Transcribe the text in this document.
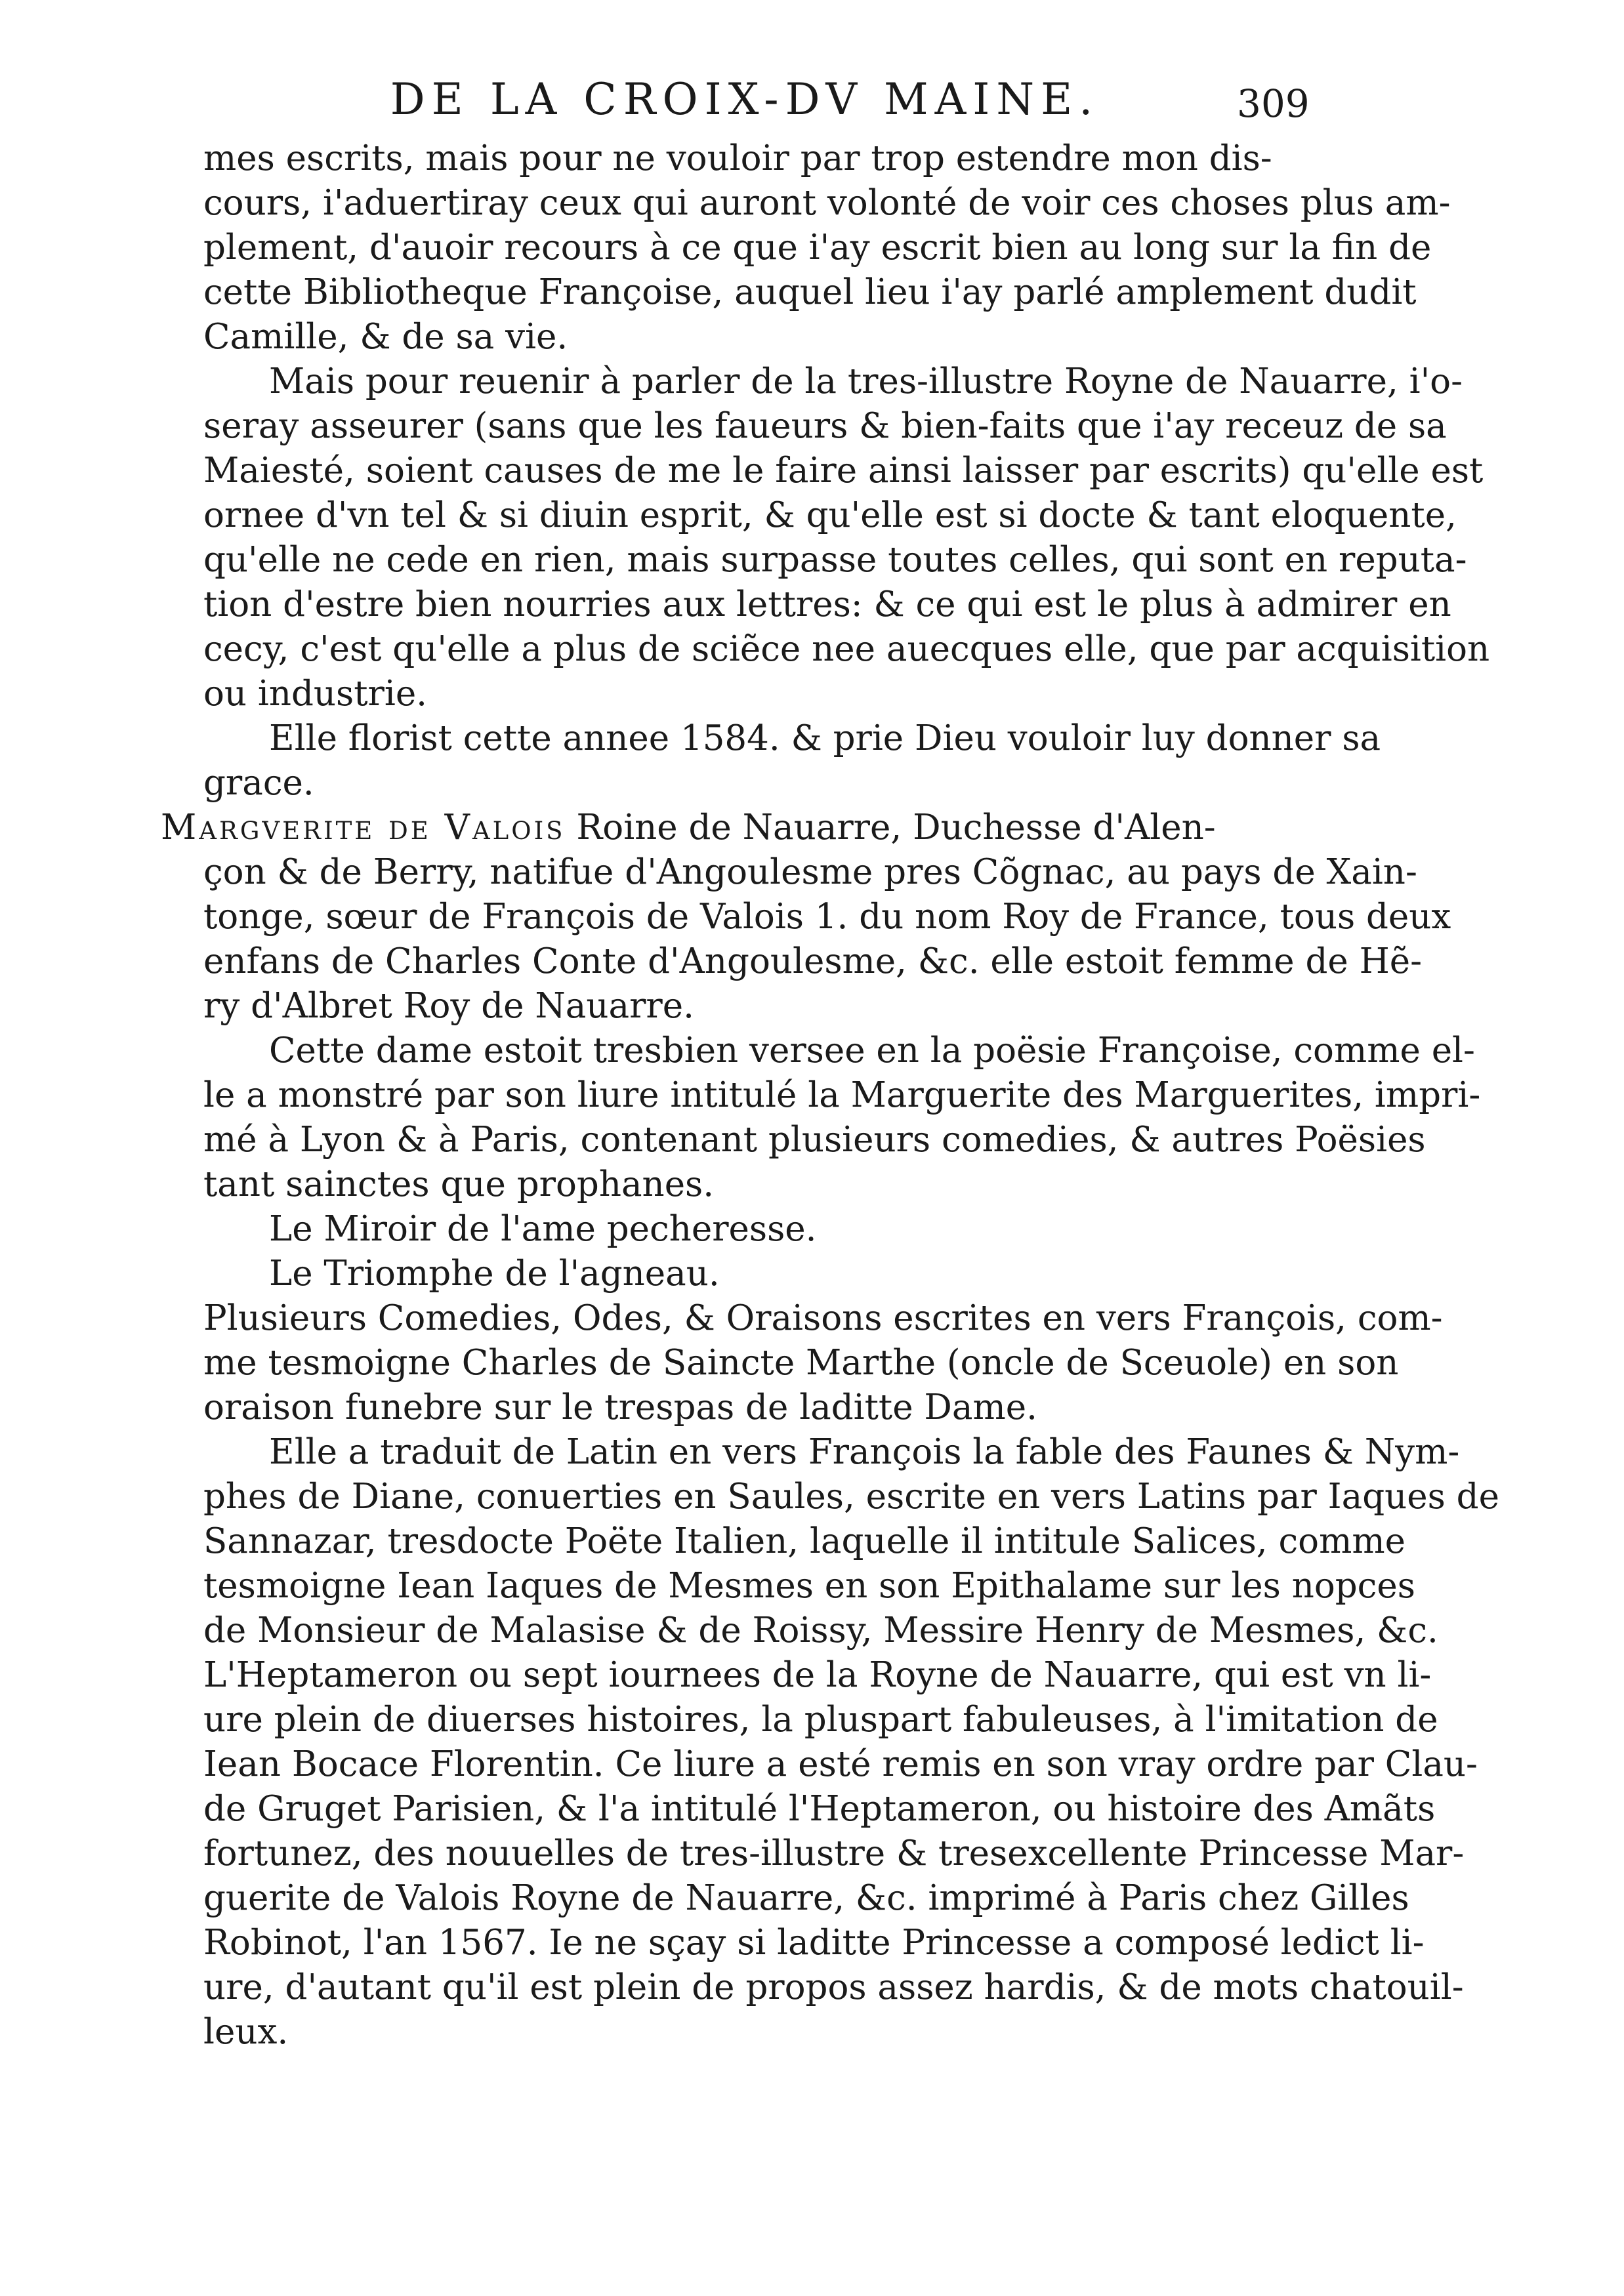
DE LA CROIX-DV MAINE.	309
mes escrits, mais pour ne vouloir par trop estendre mon dis-
cours, i'aduertiray ceux qui auront volonté de voir ces choses plus am-
plement, d'auoir recours à ce que i'ay escrit bien au long sur la fin de
cette Bibliotheque Françoise, auquel lieu i'ay parlé amplement dudit
Camille, & de sa vie.
Mais pour reuenir à parler de la tres-illustre Royne de Nauarre, i'o-
seray asseurer (sans que les faueurs & bien-faits que i'ay receuz de sa
Maiesté, soient causes de me le faire ainsi laisser par escrits) qu'elle est
ornee d'vn tel & si diuin esprit, & qu'elle est si docte & tant eloquente,
qu'elle ne cede en rien, mais surpasse toutes celles, qui sont en reputa-
tion d'estre bien nourries aux lettres: & ce qui est le plus à admirer en
cecy, c'est qu'elle a plus de sciẽce nee auecques elle, que par acquisition
ou industrie.
Elle florist cette annee 1584. & prie Dieu vouloir luy donner sa
grace.
Margverite de Valois Roine de Nauarre, Duchesse d'Alen-
çon & de Berry, natifue d'Angoulesme pres Cõgnac, au pays de Xain-
tonge, sœur de François de Valois 1. du nom Roy de France, tous deux
enfans de Charles Conte d'Angoulesme, &c. elle estoit femme de Hẽ-
ry d'Albret Roy de Nauarre.
Cette dame estoit tresbien versee en la poësie Françoise, comme el-
le a monstré par son liure intitulé la Marguerite des Marguerites, impri-
mé à Lyon & à Paris, contenant plusieurs comedies, & autres Poësies
tant sainctes que prophanes.
Le Miroir de l'ame pecheresse.
Le Triomphe de l'agneau.
Plusieurs Comedies, Odes, & Oraisons escrites en vers François, com-
me tesmoigne Charles de Saincte Marthe (oncle de Sceuole) en son
oraison funebre sur le trespas de laditte Dame.
Elle a traduit de Latin en vers François la fable des Faunes & Nym-
phes de Diane, conuerties en Saules, escrite en vers Latins par Iaques de
Sannazar, tresdocte Poëte Italien, laquelle il intitule Salices, comme
tesmoigne Iean Iaques de Mesmes en son Epithalame sur les nopces
de Monsieur de Malasise & de Roissy, Messire Henry de Mesmes, &c.
L'Heptameron ou sept iournees de la Royne de Nauarre, qui est vn li-
ure plein de diuerses histoires, la pluspart fabuleuses, à l'imitation de
Iean Bocace Florentin. Ce liure a esté remis en son vray ordre par Clau-
de Gruget Parisien, & l'a intitulé l'Heptameron, ou histoire des Amãts
fortunez, des nouuelles de tres-illustre & tresexcellente Princesse Mar-
guerite de Valois Royne de Nauarre, &c. imprimé à Paris chez Gilles
Robinot, l'an 1567. Ie ne sçay si laditte Princesse a composé ledict li-
ure, d'autant qu'il est plein de propos assez hardis, & de mots chatouil-
leux.
